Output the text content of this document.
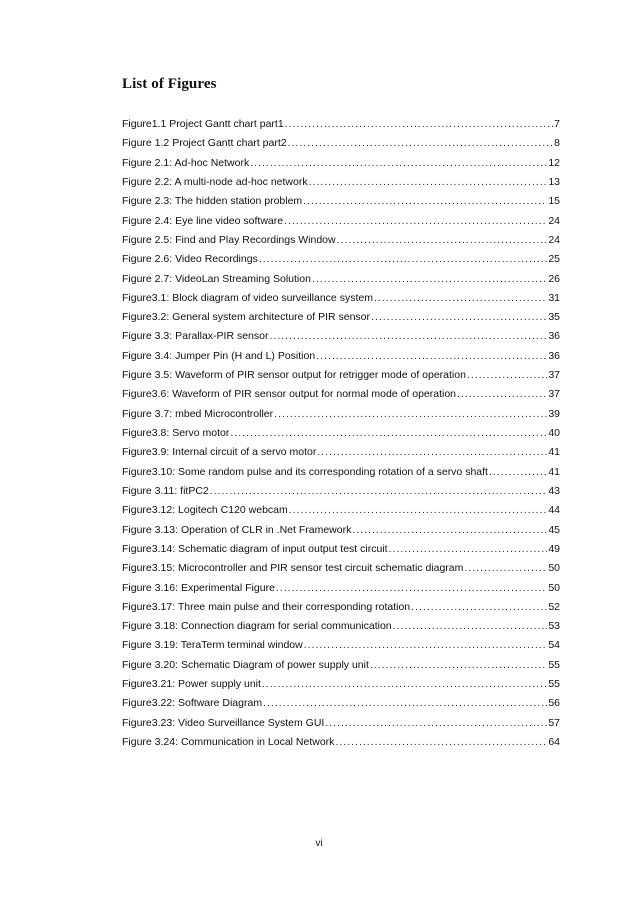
List of Figures
Figure1.1 Project Gantt chart part1 .....	7
Figure 1.2 Project Gantt chart part2 .....	8
Figure 2.1: Ad-hoc Network .....	12
Figure 2.2: A multi-node ad-hoc network .....	13
Figure 2.3: The hidden station problem .....	15
Figure 2.4: Eye line video software .....	24
Figure 2.5: Find and Play Recordings Window .....	24
Figure 2.6: Video Recordings .....	25
Figure 2.7: VideoLan Streaming Solution .....	26
Figure3.1: Block diagram of video surveillance system .....	31
Figure3.2: General system architecture of PIR sensor .....	35
Figure 3.3: Parallax-PIR sensor .....	36
Figure 3.4: Jumper Pin (H and L) Position .....	36
Figure 3.5: Waveform of PIR sensor output for retrigger mode of operation .....	37
Figure3.6: Waveform of PIR sensor output for normal mode of operation .....	37
Figure 3.7: mbed Microcontroller .....	39
Figure3.8: Servo motor .....	40
Figure3.9: Internal circuit of a servo motor .....	41
Figure3.10: Some random pulse and its corresponding rotation of a servo shaft .....	41
Figure 3.11: fitPC2 .....	43
Figure3.12: Logitech C120 webcam .....	44
Figure 3.13: Operation of CLR in .Net Framework .....	45
Figure3.14: Schematic diagram of input output test circuit .....	49
Figure3.15: Microcontroller and PIR sensor test circuit schematic diagram .....	50
Figure 3.16: Experimental Figure .....	50
Figure3.17: Three main pulse and their corresponding rotation .....	52
Figure 3.18: Connection diagram for serial communication .....	53
Figure 3.19: TeraTerm terminal window .....	54
Figure 3.20: Schematic Diagram of power supply unit .....	55
Figure3.21: Power supply unit .....	55
Figure3.22: Software Diagram .....	56
Figure3.23: Video Surveillance System GUI .....	57
Figure 3.24: Communication in Local Network .....	64
vi
